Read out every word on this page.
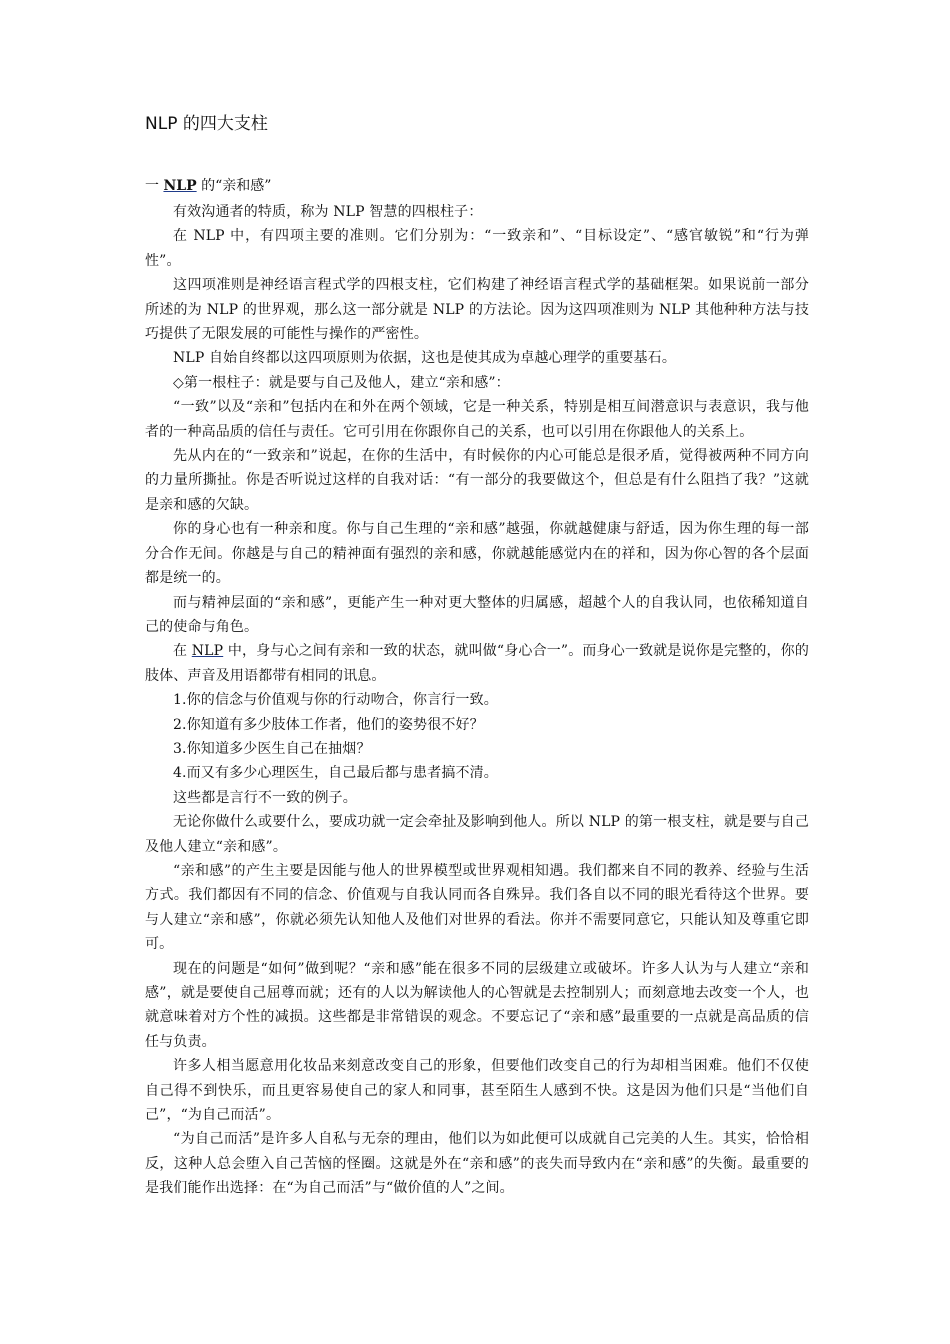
NLP 的四大支柱

一 NLP 的“亲和感”

有效沟通者的特质，称为 NLP 智慧的四根柱子：

在 NLP 中，有四项主要的准则。它们分别为：“一致亲和”、“目标设定”、“感官敏锐”和“行为弹性”。

这四项准则是神经语言程式学的四根支柱，它们构建了神经语言程式学的基础框架。如果说前一部分所述的为 NLP 的世界观，那么这一部分就是 NLP 的方法论。因为这四项准则为 NLP 其他种种方法与技巧提供了无限发展的可能性与操作的严密性。

NLP 自始自终都以这四项原则为依据，这也是使其成为卓越心理学的重要基石。

◇第一根柱子：就是要与自己及他人，建立“亲和感”：

“一致”以及“亲和”包括内在和外在两个领域，它是一种关系，特别是相互间潜意识与表意识，我与他者的一种高品质的信任与责任。它可引用在你跟你自己的关系，也可以引用在你跟他人的关系上。

先从内在的“一致亲和”说起，在你的生活中，有时候你的内心可能总是很矛盾，觉得被两种不同方向的力量所撕扯。你是否听说过这样的自我对话：“有一部分的我要做这个，但总是有什么阻挡了我？”这就是亲和感的欠缺。

你的身心也有一种亲和度。你与自己生理的“亲和感”越强，你就越健康与舒适，因为你生理的每一部分合作无间。你越是与自己的精神面有强烈的亲和感，你就越能感觉内在的祥和，因为你心智的各个层面都是统一的。

而与精神层面的“亲和感”，更能产生一种对更大整体的归属感，超越个人的自我认同，也依稀知道自己的使命与角色。

在 NLP 中，身与心之间有亲和一致的状态，就叫做“身心合一”。而身心一致就是说你是完整的，你的肢体、声音及用语都带有相同的讯息。

1.你的信念与价值观与你的行动吻合，你言行一致。

2.你知道有多少肢体工作者，他们的姿势很不好？

3.你知道多少医生自己在抽烟？

4.而又有多少心理医生，自己最后都与患者搞不清。

这些都是言行不一致的例子。

无论你做什么或要什么，要成功就一定会牵扯及影响到他人。所以 NLP 的第一根支柱，就是要与自己及他人建立“亲和感”。

“亲和感”的产生主要是因能与他人的世界模型或世界观相知遇。我们都来自不同的教养、经验与生活方式。我们都因有不同的信念、价值观与自我认同而各自殊异。我们各自以不同的眼光看待这个世界。要与人建立“亲和感”，你就必须先认知他人及他们对世界的看法。你并不需要同意它，只能认知及尊重它即可。

现在的问题是“如何”做到呢？“亲和感”能在很多不同的层级建立或破坏。许多人认为与人建立“亲和感”，就是要使自己屈尊而就；还有的人以为解读他人的心智就是去控制别人；而刻意地去改变一个人，也就意味着对方个性的减损。这些都是非常错误的观念。不要忘记了“亲和感”最重要的一点就是高品质的信任与负责。

许多人相当愿意用化妆品来刻意改变自己的形象，但要他们改变自己的行为却相当困难。他们不仅使自己得不到快乐，而且更容易使自己的家人和同事，甚至陌生人感到不快。这是因为他们只是“当他们自己”，“为自己而活”。

“为自己而活”是许多人自私与无奈的理由，他们以为如此便可以成就自己完美的人生。其实，恰恰相反，这种人总会堕入自己苦恼的怪圈。这就是外在“亲和感”的丧失而导致内在“亲和感”的失衡。最重要的是我们能作出选择：在“为自己而活”与“做价值的人”之间。
